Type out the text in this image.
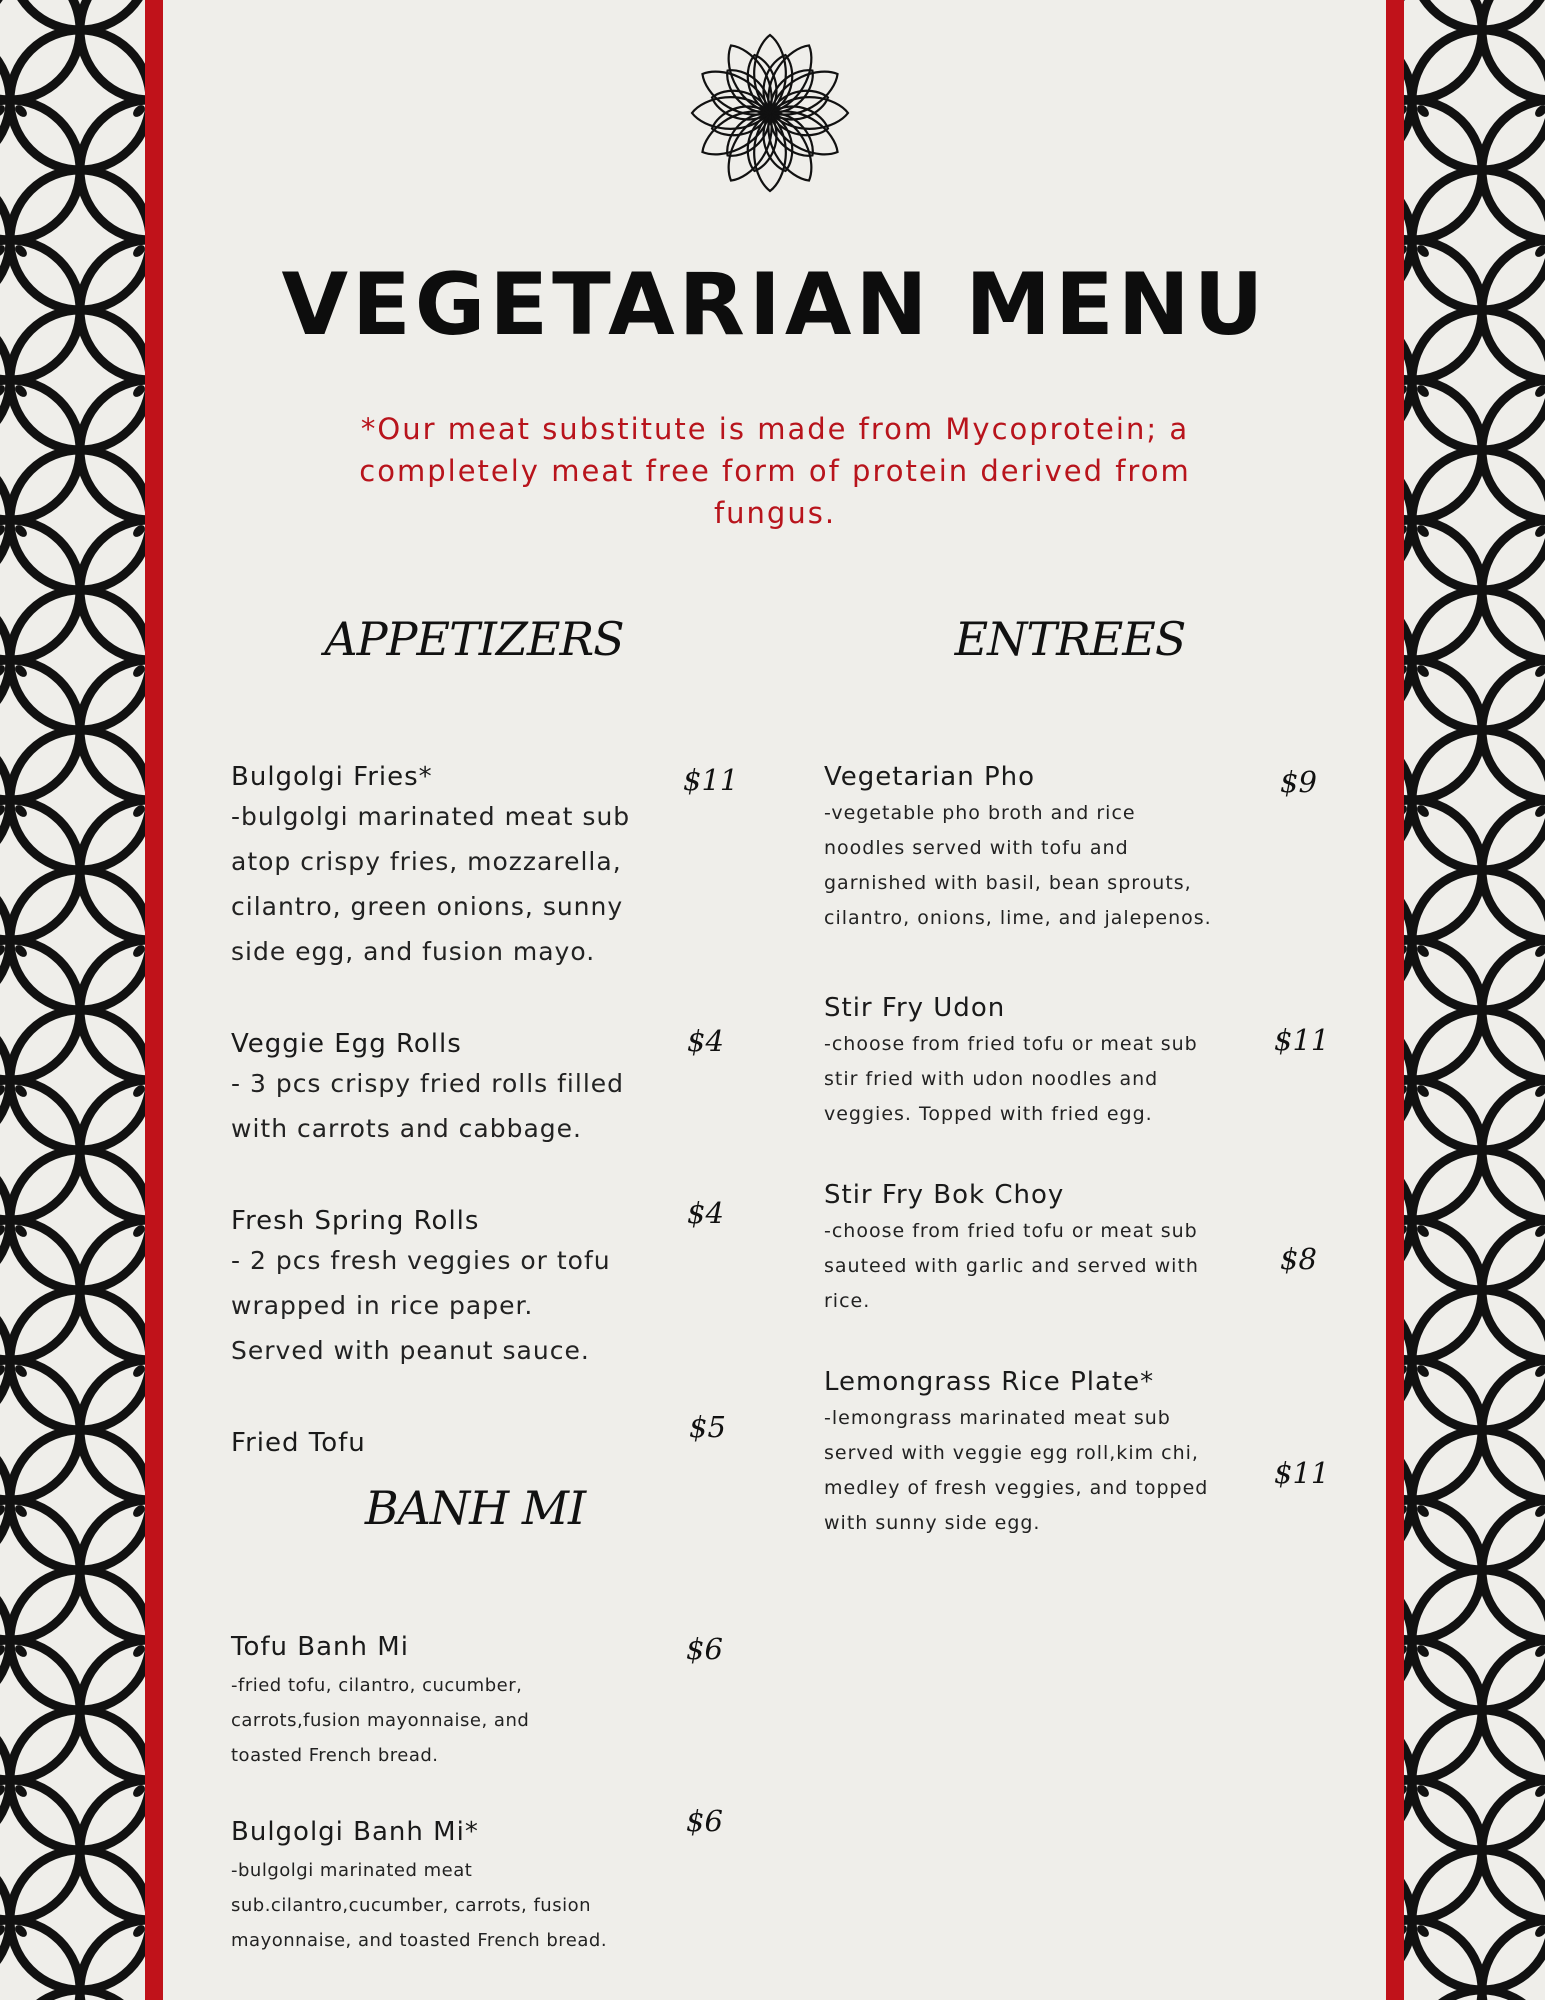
VEGETARIAN MENU
*Our meat substitute is made from Mycoprotein; a completely meat free form of protein derived from fungus.
APPETIZERS
Bulgolgi Fries*
-bulgolgi marinated meat sub atop crispy fries, mozzarella, cilantro, green onions, sunny side egg, and fusion mayo.
$11
Veggie Egg Rolls
- 3 pcs crispy fried rolls filled with carrots and cabbage.
$4
Fresh Spring Rolls
- 2 pcs fresh veggies or tofu wrapped in rice paper. Served with peanut sauce.
$4
Fried Tofu	$5
BANH MI
Tofu Banh Mi
-fried tofu, cilantro, cucumber, carrots,fusion mayonnaise, and toasted French bread.
$6
Bulgolgi Banh Mi*
-bulgolgi marinated meat sub.cilantro,cucumber, carrots, fusion mayonnaise, and toasted French bread.
$6
ENTREES
Vegetarian Pho
-vegetable pho broth and rice noodles served with tofu and garnished with basil, bean sprouts, cilantro, onions, lime, and jalepenos.
$9
Stir Fry Udon
-choose from fried tofu or meat sub stir fried with udon noodles and veggies. Topped with fried egg.
$11
Stir Fry Bok Choy
-choose from fried tofu or meat sub sauteed with garlic and served with rice.
$8
Lemongrass Rice Plate*
-lemongrass marinated meat sub served with veggie egg roll,kim chi, medley of fresh veggies, and topped with sunny side egg.
$11
